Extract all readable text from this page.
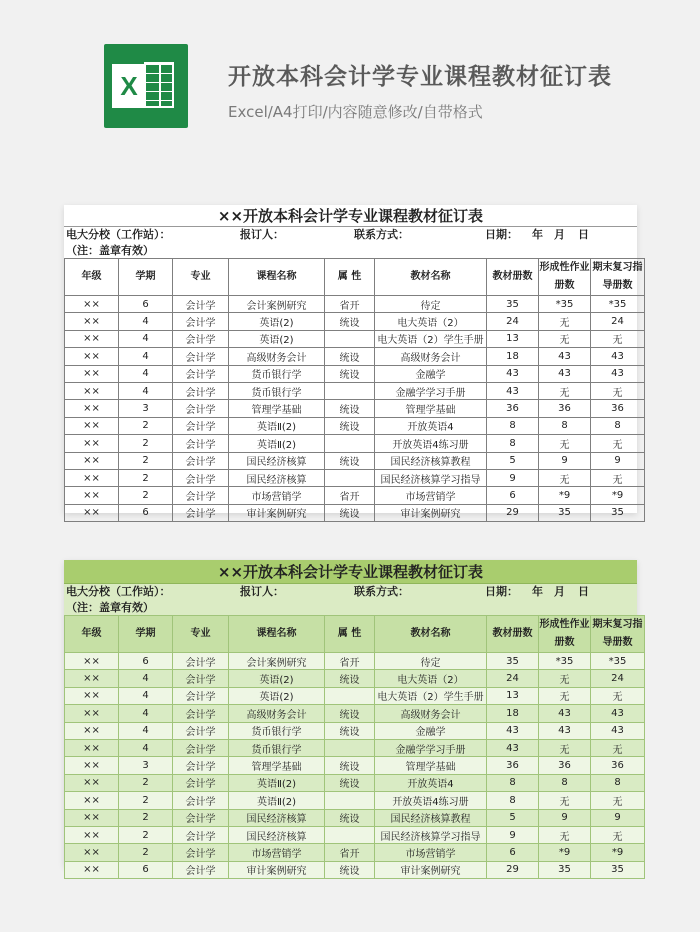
X	开放本科会计学专业课程教材征订表
Excel/A4打印/内容随意修改/自带格式
××开放本科会计学专业课程教材征订表
电大分校（工作站）：	报订人：	联系方式：	日期： 年 月 日
（注：盖章有效）
年级	学期	专业	课程名称	属 性	教材名称	教材册数	形成性作业册数	期末复习指导册数
××	6	会计学	会计案例研究	省开	待定	35	*35	*35
××	4	会计学	英语(2)	统设	电大英语（2）	24	无	24
××	4	会计学	英语(2)		电大英语（2）学生手册	13	无	无
××	4	会计学	高级财务会计	统设	高级财务会计	18	43	43
××	4	会计学	货币银行学	统设	金融学	43	43	43
××	4	会计学	货币银行学		金融学学习手册	43	无	无
××	3	会计学	管理学基础	统设	管理学基础	36	36	36
××	2	会计学	英语Ⅱ(2)	统设	开放英语4	8	8	8
××	2	会计学	英语Ⅱ(2)		开放英语4练习册	8	无	无
××	2	会计学	国民经济核算	统设	国民经济核算教程	5	9	9
××	2	会计学	国民经济核算		国民经济核算学习指导	9	无	无
××	2	会计学	市场营销学	省开	市场营销学	6	*9	*9
××	6	会计学	审计案例研究	统设	审计案例研究	29	35	35
××开放本科会计学专业课程教材征订表
电大分校（工作站）：	报订人：	联系方式：	日期： 年 月 日
（注：盖章有效）
年级	学期	专业	课程名称	属 性	教材名称	教材册数	形成性作业册数	期末复习指导册数
××	6	会计学	会计案例研究	省开	待定	35	*35	*35
××	4	会计学	英语(2)	统设	电大英语（2）	24	无	24
××	4	会计学	英语(2)		电大英语（2）学生手册	13	无	无
××	4	会计学	高级财务会计	统设	高级财务会计	18	43	43
××	4	会计学	货币银行学	统设	金融学	43	43	43
××	4	会计学	货币银行学		金融学学习手册	43	无	无
××	3	会计学	管理学基础	统设	管理学基础	36	36	36
××	2	会计学	英语Ⅱ(2)	统设	开放英语4	8	8	8
××	2	会计学	英语Ⅱ(2)		开放英语4练习册	8	无	无
××	2	会计学	国民经济核算	统设	国民经济核算教程	5	9	9
××	2	会计学	国民经济核算		国民经济核算学习指导	9	无	无
××	2	会计学	市场营销学	省开	市场营销学	6	*9	*9
××	6	会计学	审计案例研究	统设	审计案例研究	29	35	35
